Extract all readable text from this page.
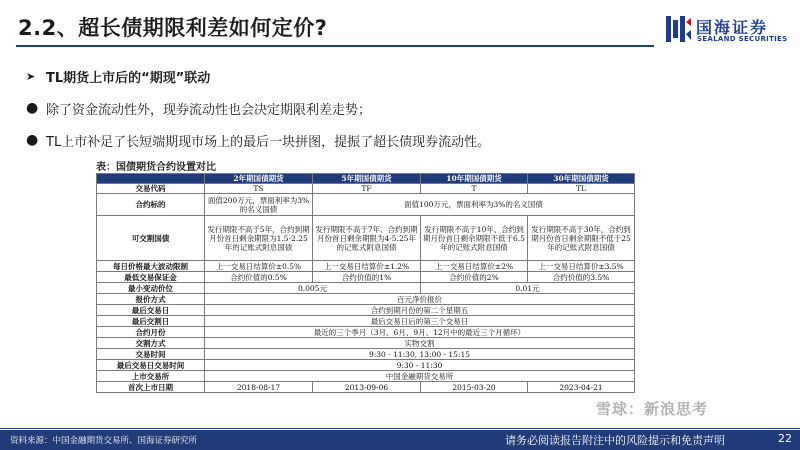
2.2、超长债期限利差如何定价?	国海证券
SEALAND SECURITIES
➤ TL期货上市后的“期现”联动
● 除了资金流动性外，现券流动性也会决定期限利差走势；
● TL上市补足了长短端期现市场上的最后一块拼图，提振了超长债现券流动性。
表：国债期货合约设置对比
	2年期国债期货	5年期国债期货	10年期国债期货	30年期国债期货
交易代码	TS	TF	T	TL
合约标的	面值200万元，票面利率为3%的名义国债	面值100万元，票面利率为3%的名义国债		
可交割国债	发行期限不高于5年，合约到期月份首日剩余期限为1.5-2.25年的记账式附息国债	发行期限不高于7年、合约到期月份首日剩余期限为4-5.25年的记账式附息国债	发行期限不高于10年、合约到期月份首日剩余期限不低于6.5年的记账式附息国债	发行期限不高于30年，合约到期月份首日剩余期限不低于25年的记账式附息国债
每日价格最大波动限制	上一交易日结算价±0.5%	上一交易日结算价±1.2%	上一交易日结算价±2%	上一交易日结算价±3.5%
最低交易保证金	合约价值的0.5%	合约价值的1%	合约价值的2%	合约价值的3.5%
最小变动价位	0.005元		0.01元	
报价方式	百元净价报价			
最后交易日	合约到期月份的第二个星期五			
最后交割日	最后交易日后的第三个交易日			
合约月份	最近的三个季月（3月、6月、9月、12月中的最近三个月循环）			
交割方式	实物交割			
交易时间	9:30 - 11:30, 13:00 - 15:15			
最后交易日交易时间	9:30 - 11:30			
上市交易所	中国金融期货交易所			
首次上市日期	2018-08-17	2013-09-06	2015-03-20	2023-04-21
雪球：新浪思考
资料来源：中国金融期货交易所、国海证券研究所	请务必阅读报告附注中的风险提示和免责声明	22
